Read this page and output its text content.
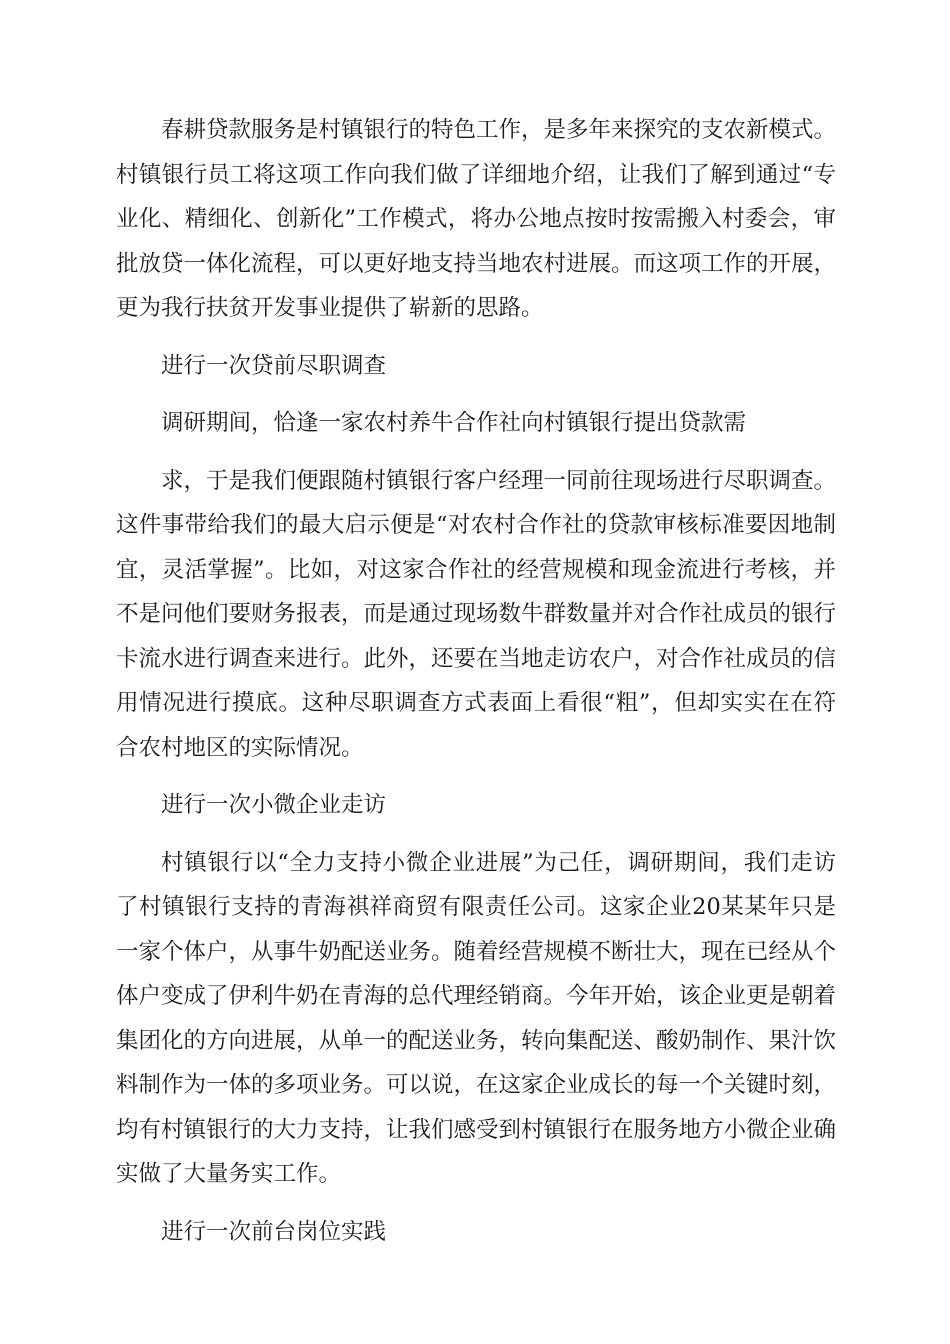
春耕贷款服务是村镇银行的特色工作，是多年来探究的支农新模式。村镇银行员工将这项工作向我们做了详细地介绍，让我们了解到通过“专业化、精细化、创新化”工作模式，将办公地点按时按需搬入村委会，审批放贷一体化流程，可以更好地支持当地农村进展。而这项工作的开展，更为我行扶贫开发事业提供了崭新的思路。

进行一次贷前尽职调查

调研期间，恰逢一家农村养牛合作社向村镇银行提出贷款需

求，于是我们便跟随村镇银行客户经理一同前往现场进行尽职调查。这件事带给我们的最大启示便是“对农村合作社的贷款审核标准要因地制宜，灵活掌握”。比如，对这家合作社的经营规模和现金流进行考核，并不是问他们要财务报表，而是通过现场数牛群数量并对合作社成员的银行卡流水进行调查来进行。此外，还要在当地走访农户，对合作社成员的信用情况进行摸底。这种尽职调查方式表面上看很“粗”，但却实实在在符合农村地区的实际情况。

进行一次小微企业走访

村镇银行以“全力支持小微企业进展”为己任，调研期间，我们走访了村镇银行支持的青海祺祥商贸有限责任公司。这家企业20某某年只是一家个体户，从事牛奶配送业务。随着经营规模不断壮大，现在已经从个体户变成了伊利牛奶在青海的总代理经销商。今年开始，该企业更是朝着集团化的方向进展，从单一的配送业务，转向集配送、酸奶制作、果汁饮料制作为一体的多项业务。可以说，在这家企业成长的每一个关键时刻，均有村镇银行的大力支持，让我们感受到村镇银行在服务地方小微企业确实做了大量务实工作。

进行一次前台岗位实践
